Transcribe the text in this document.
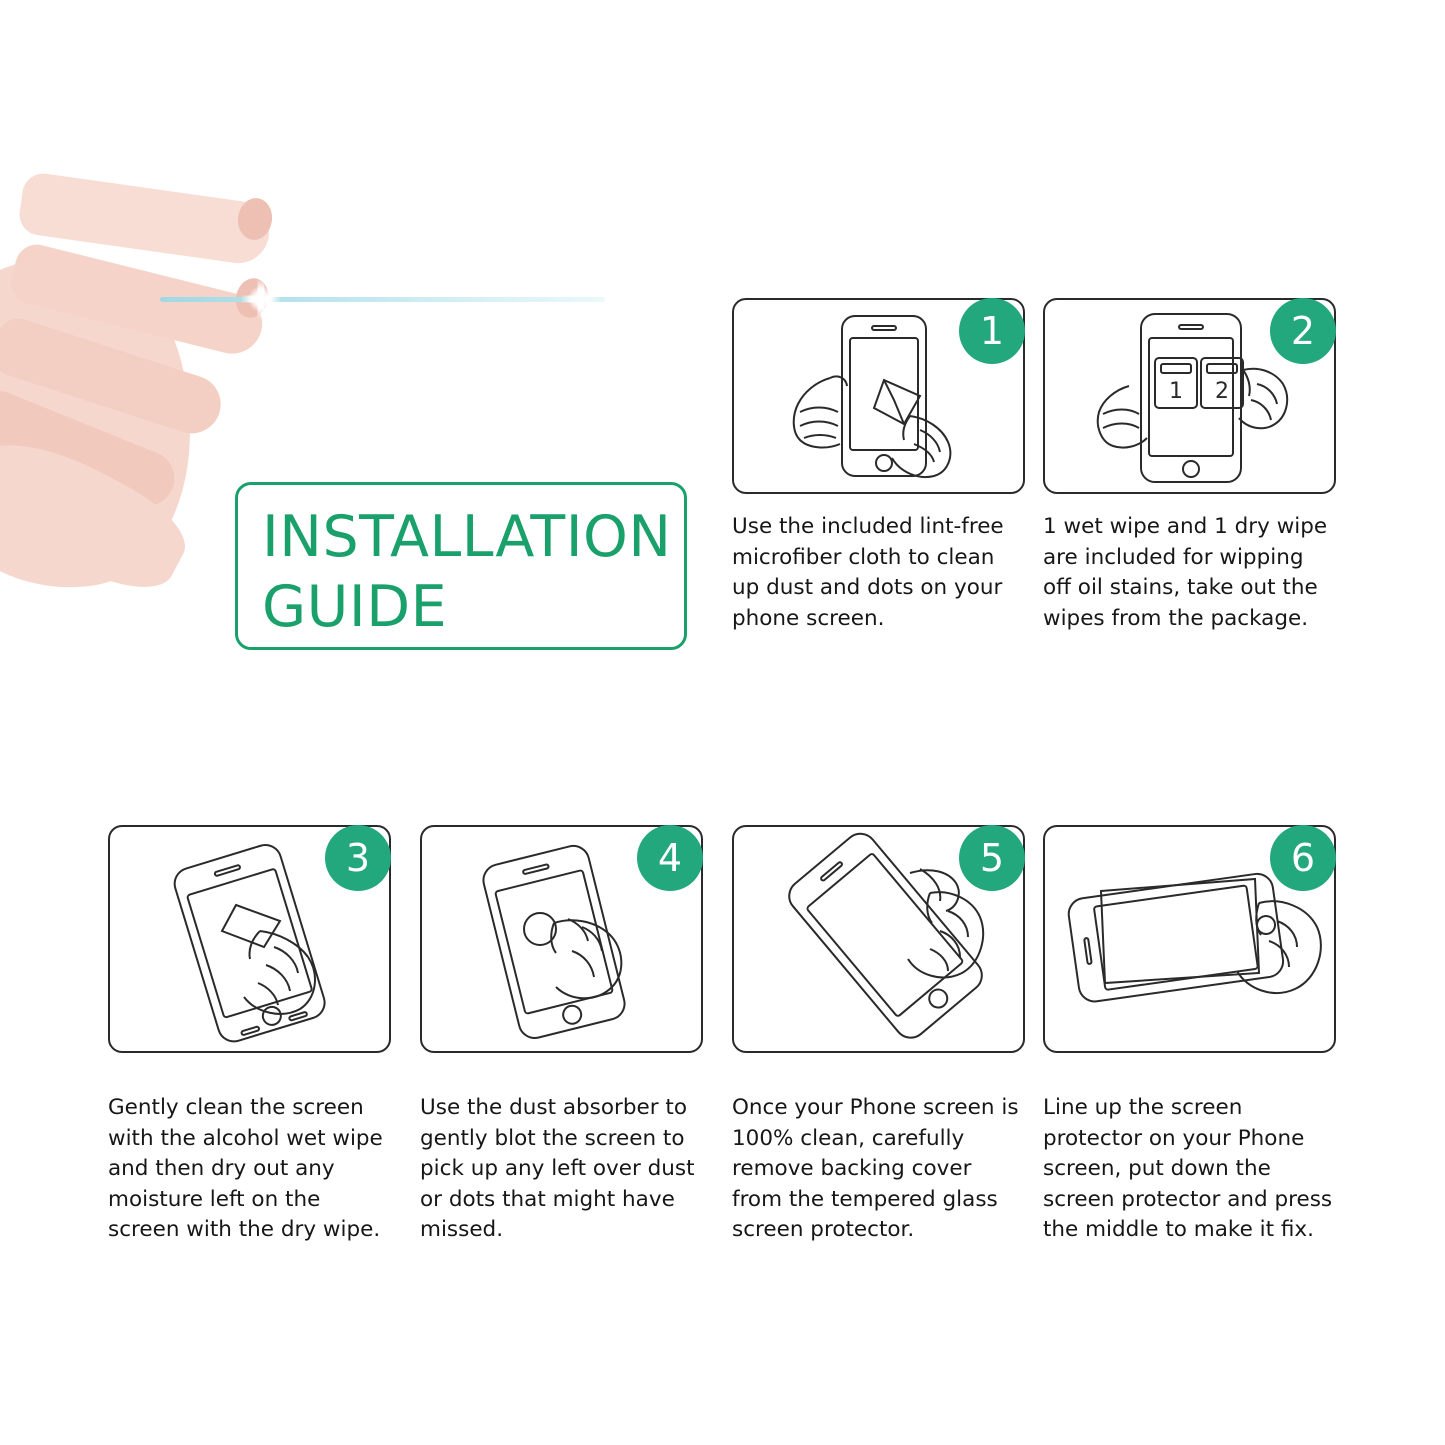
INSTALLATION
GUIDE
1
Use the included lint-free microfiber cloth to clean up dust and dots on your phone screen.
1 2
2
1 wet wipe and 1 dry wipe are included for wipping off oil stains, take out the wipes from the package.
3
Gently clean the screen with the alcohol wet wipe and then dry out any moisture left on the screen with the dry wipe.
4
Use the dust absorber to gently blot the screen to pick up any left over dust or dots that might have missed.
5
Once your Phone screen is 100% clean, carefully remove backing cover from the tempered glass screen protector.
6
Line up the screen protector on your Phone screen, put down the screen protector and press the middle to make it fix.
